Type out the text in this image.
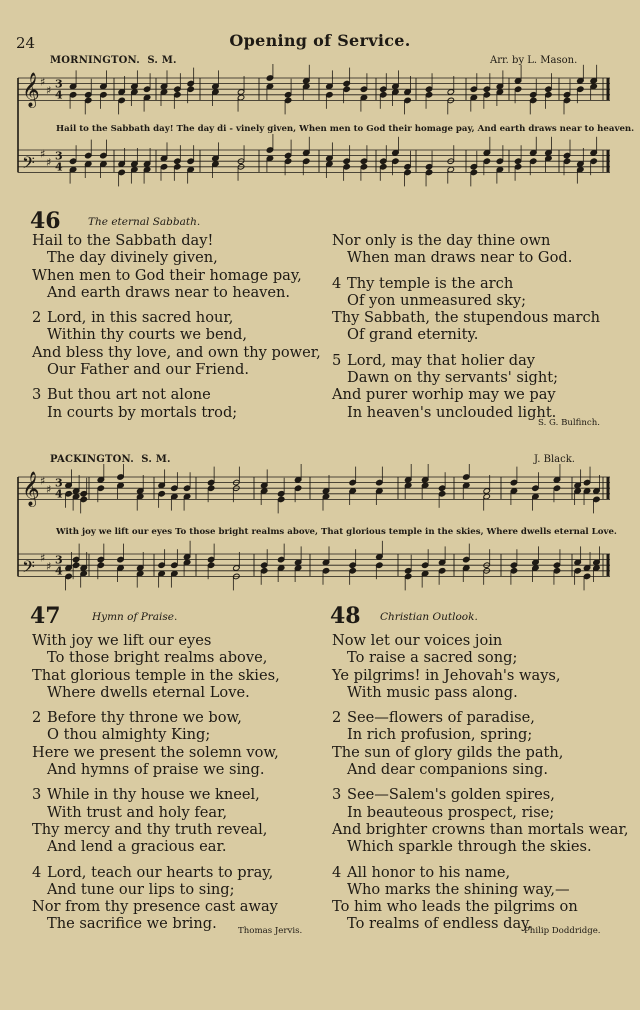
24	Opening of Service.
MORNINGTON. S. M.	Arr. by L. Mason.
𝄞 ♯
♯ 3
4
𝄢 ♯
♯ 3
4
Hail to the Sabbath day! The day di - vinely given, When men to God their homage pay, And earth draws near to heaven.
46	The eternal Sabbath.
Hail to the Sabbath day!
The day divinely given,
When men to God their homage pay,
And earth draws near to heaven.
2 Lord, in this sacred hour,
Within thy courts we bend,
And bless thy love, and own thy power,
Our Father and our Friend.
3 But thou art not alone
In courts by mortals trod;
Nor only is the day thine own
When man draws near to God.
4 Thy temple is the arch
Of yon unmeasured sky;
Thy Sabbath, the stupendous march
Of grand eternity.
5 Lord, may that holier day
Dawn on thy servants' sight;
And purer worhip may we pay
In heaven's unclouded light.
S. G. Bulfinch.
PACKINGTON. S. M.	J. Black.
𝄞 ♯
♯ 3
4
𝄢 ♯
♯ 3
4
With joy we lift our eyes To those bright realms above, That glorious temple in the skies, Where dwells eternal Love.
47	Hymn of Praise.
With joy we lift our eyes
To those bright realms above,
That glorious temple in the skies,
Where dwells eternal Love.
2 Before thy throne we bow,
O thou almighty King;
Here we present the solemn vow,
And hymns of praise we sing.
3 While in thy house we kneel,
With trust and holy fear,
Thy mercy and thy truth reveal,
And lend a gracious ear.
4 Lord, teach our hearts to pray,
And tune our lips to sing;
Nor from thy presence cast away
The sacrifice we bring.	Thomas Jervis.
48 Christian Outlook.
Now let our voices join
To raise a sacred song;
Ye pilgrims! in Jehovah's ways,
With music pass along.
2 See—flowers of paradise,
In rich profusion, spring;
The sun of glory gilds the path,
And dear companions sing.
3 See—Salem's golden spires,
In beauteous prospect, rise;
And brighter crowns than mortals wear,
Which sparkle through the skies.
4 All honor to his name,
Who marks the shining way,—
To him who leads the pilgrims on
To realms of endless day.
Philip Doddridge.
